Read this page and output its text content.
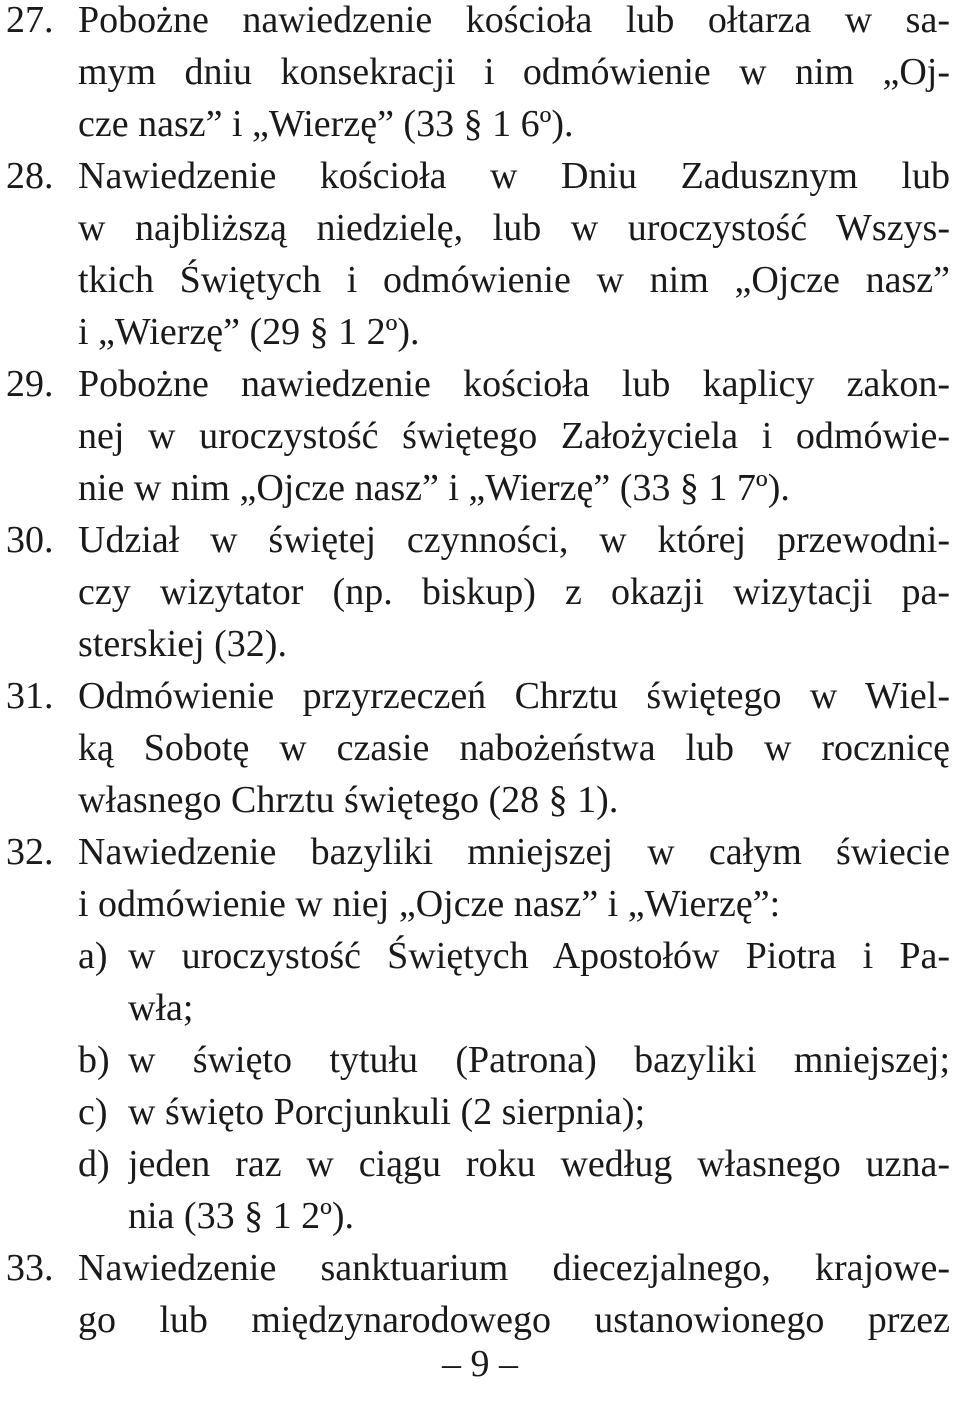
27. Pobożne nawiedzenie kościoła lub ołtarza w sa-
mym dniu konsekracji i odmówienie w nim „Oj-
cze nasz” i „Wierzę” (33 § 1 6º).
28. Nawiedzenie kościoła w Dniu Zadusznym lub
w najbliższą niedzielę, lub w uroczystość Wszys-
tkich Świętych i odmówienie w nim „Ojcze nasz”
i „Wierzę” (29 § 1 2º).
29. Pobożne nawiedzenie kościoła lub kaplicy zakon-
nej w uroczystość świętego Założyciela i odmówie-
nie w nim „Ojcze nasz” i „Wierzę” (33 § 1 7º).
30. Udział w świętej czynności, w której przewodni-
czy wizytator (np. biskup) z okazji wizytacji pa-
sterskiej (32).
31. Odmówienie przyrzeczeń Chrztu świętego w Wiel-
ką Sobotę w czasie nabożeństwa lub w rocznicę
własnego Chrztu świętego (28 § 1).
32. Nawiedzenie bazyliki mniejszej w całym świecie
i odmówienie w niej „Ojcze nasz” i „Wierzę”:
a) w uroczystość Świętych Apostołów Piotra i Pa-
wła;
b) w święto tytułu (Patrona) bazyliki mniejszej;
c) w święto Porcjunkuli (2 sierpnia);
d) jeden raz w ciągu roku według własnego uzna-
nia (33 § 1 2º).
33. Nawiedzenie sanktuarium diecezjalnego, krajowe-
go lub międzynarodowego ustanowionego przez
– 9 –
